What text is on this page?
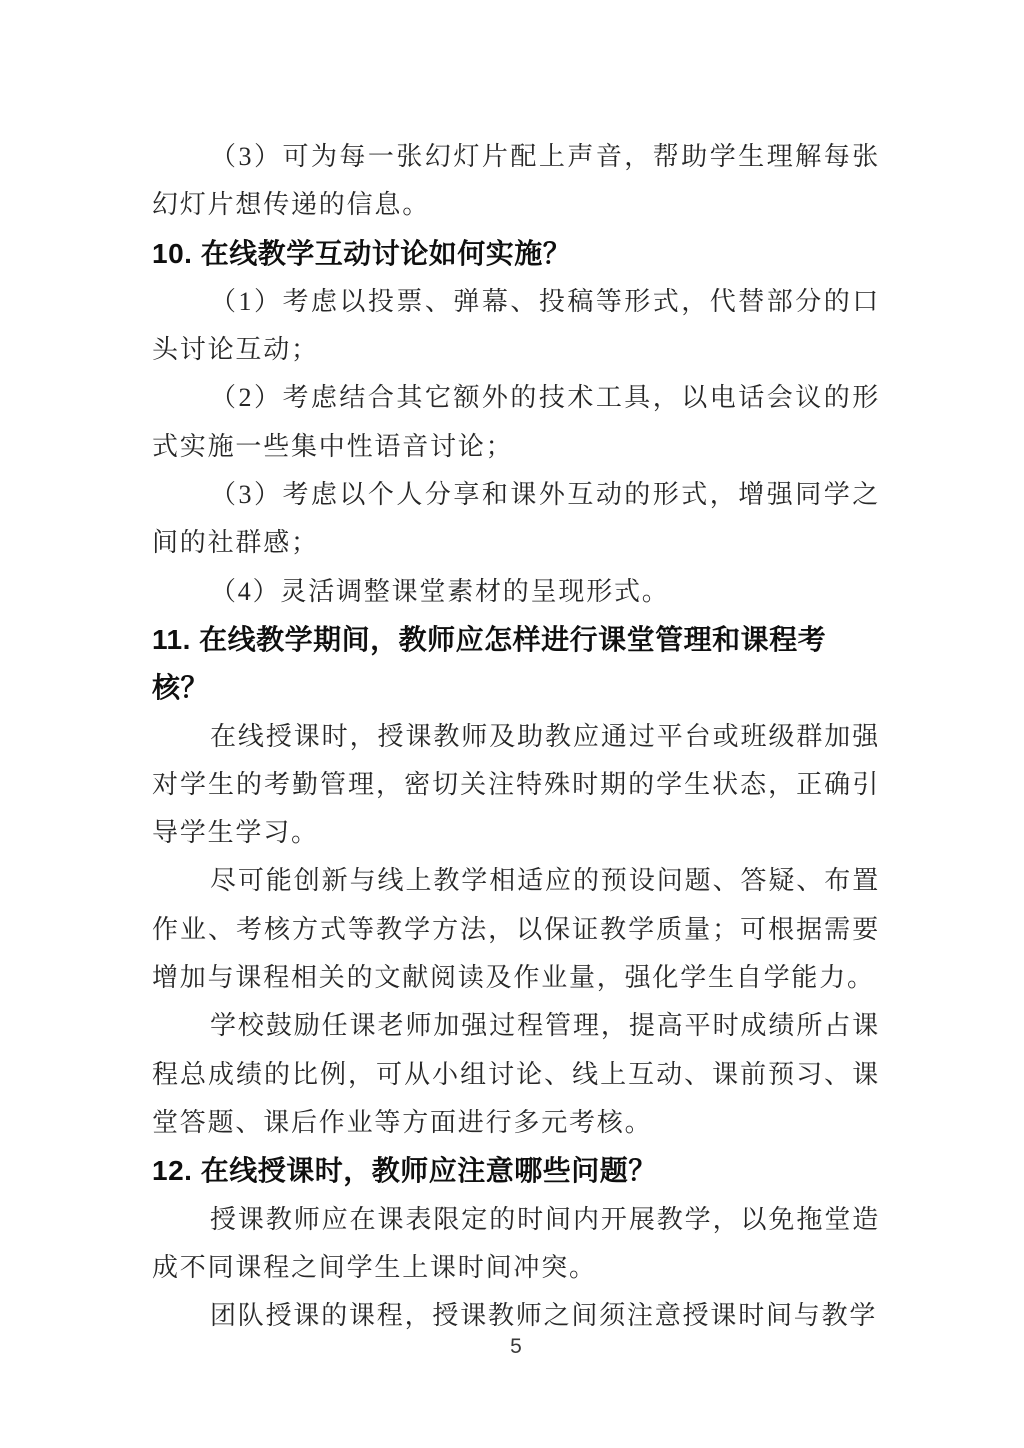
（3）可为每一张幻灯片配上声音，帮助学生理解每张幻灯片想传递的信息。

10. 在线教学互动讨论如何实施？

（1）考虑以投票、弹幕、投稿等形式，代替部分的口头讨论互动；

（2）考虑结合其它额外的技术工具，以电话会议的形式实施一些集中性语音讨论；

（3）考虑以个人分享和课外互动的形式，增强同学之间的社群感；

（4）灵活调整课堂素材的呈现形式。

11. 在线教学期间，教师应怎样进行课堂管理和课程考核？

在线授课时，授课教师及助教应通过平台或班级群加强对学生的考勤管理，密切关注特殊时期的学生状态，正确引导学生学习。

尽可能创新与线上教学相适应的预设问题、答疑、布置作业、考核方式等教学方法，以保证教学质量；可根据需要增加与课程相关的文献阅读及作业量，强化学生自学能力。

学校鼓励任课老师加强过程管理，提高平时成绩所占课程总成绩的比例，可从小组讨论、线上互动、课前预习、课堂答题、课后作业等方面进行多元考核。

12. 在线授课时，教师应注意哪些问题？

授课教师应在课表限定的时间内开展教学，以免拖堂造成不同课程之间学生上课时间冲突。

团队授课的课程，授课教师之间须注意授课时间与教学

5
